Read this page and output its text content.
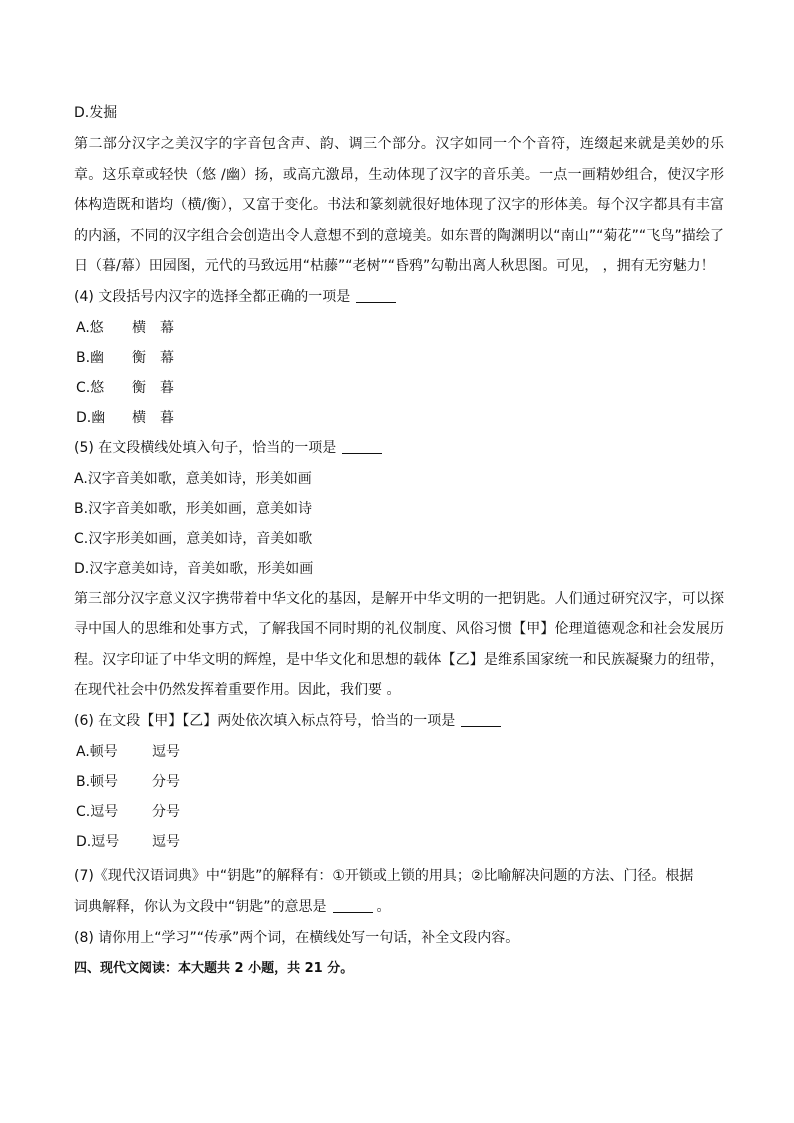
D.发掘
第二部分汉字之美汉字的字音包含声、韵、调三个部分。汉字如同一个个音符，连缀起来就是美妙的乐章。这乐章或轻快（悠 /幽）扬，或高亢激昂，生动体现了汉字的音乐美。一点一画精妙组合，使汉字形体构造既和谐均（横/衡），又富于变化。书法和篆刻就很好地体现了汉字的形体美。每个汉字都具有丰富的内涵，不同的汉字组合会创造出令人意想不到的意境美。如东晋的陶渊明以“南山”“菊花”“飞鸟”描绘了日（暮/幕）田园图，元代的马致远用“枯藤”“老树”“昏鸦”勾勒出离人秋思图。可见， ，拥有无穷魅力！
(4) 文段括号内汉字的选择全都正确的一项是
A.悠 横 幕
B.幽 衡 幕
C.悠 衡 暮
D.幽 横 暮
(5) 在文段横线处填入句子，恰当的一项是
A.汉字音美如歌，意美如诗，形美如画
B.汉字音美如歌，形美如画，意美如诗
C.汉字形美如画，意美如诗，音美如歌
D.汉字意美如诗，音美如歌，形美如画
第三部分汉字意义汉字携带着中华文化的基因，是解开中华文明的一把钥匙。人们通过研究汉字，可以探寻中国人的思维和处事方式，了解我国不同时期的礼仪制度、风俗习惯【甲】伦理道德观念和社会发展历程。汉字印证了中华文明的辉煌，是中华文化和思想的载体【乙】是维系国家统一和民族凝聚力的纽带，在现代社会中仍然发挥着重要作用。因此，我们要 。
(6) 在文段【甲】【乙】两处依次填入标点符号，恰当的一项是
A.顿号 逗号
B.顿号 分号
C.逗号 分号
D.逗号 逗号
(7)《现代汉语词典》中“钥匙”的解释有：①开锁或上锁的用具；②比喻解决问题的方法、门径。根据
词典解释，你认为文段中“钥匙”的意思是	。
(8) 请你用上“学习”“传承”两个词，在横线处写一句话，补全文段内容。
四、现代文阅读：本大题共 2 小题，共 21 分。
